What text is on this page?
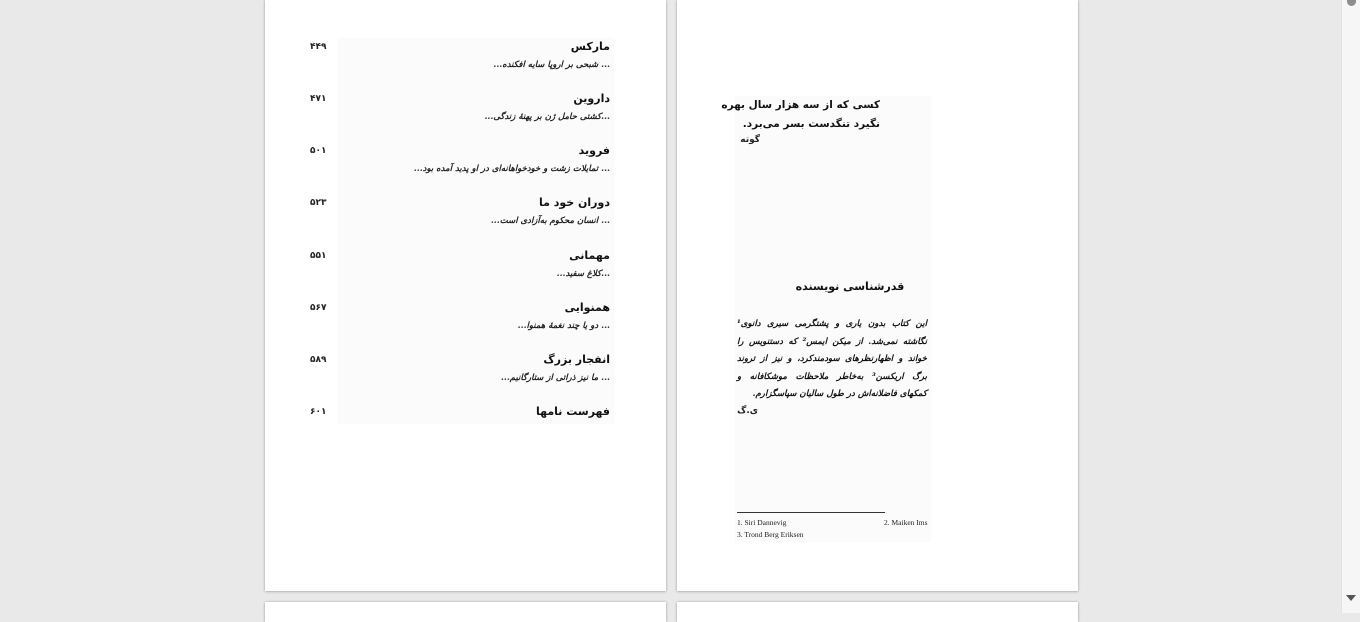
مارکس
... شبحی بر اروپا سایه افکنده...
۴۴۹
داروین
...کشتی حامل ژن بر پهنهٔ زندگی...
۴۷۱
فروید
... تمایلات زشت و خودخواهانه‌ای در او پدید آمده بود...
۵۰۱
دوران خود ما
... انسان محکوم به‌آزادی است...
۵۲۳
مهمانی
...کلاغ سفید...
۵۵۱
همنوایی
... دو یا چند نغمهٔ همنوا...
۵۶۷
انفجار بزرگ
... ما نیز ذراتی از ستارگانیم...
۵۸۹
فهرست نامها
۶۰۱
کسی که از سه هزار سال بهره
نگیرد تنگدست بسر می‌برد.
گوته
قدرشناسی نویسنده
این کتاب بدون یاری و پشتگرمی سیری دانوی¹ نگاشته نمی‌شد. از میکن ایمس² که دستنویس را خواند و اظهارنظرهای سودمندکرد، و نیز از تروند برگ اریکسن³ به‌خاطر ملاحظات موشکافانه و کمکهای فاضلانه‌اش در طول سالیان سپاسگزارم.
ی.گ
1. Siri Dannevig	2. Maiken Ims
3. Trond Berg Eriksen
